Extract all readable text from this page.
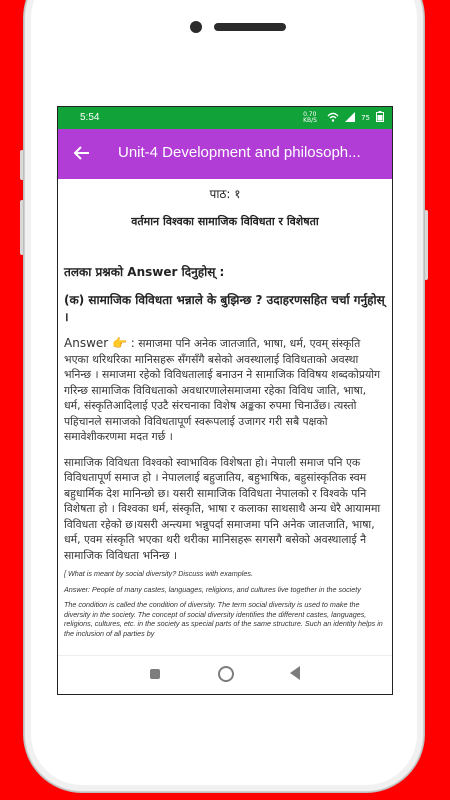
5:54	0.70 KB/S	75
Unit-4 Development and philosoph...
पाठ: १
वर्तमान विश्वका सामाजिक विविधता र विशेषता
तलका प्रश्नको Answer दिनुहोस् :
(क) सामाजिक विविधता भन्नाले के बुझिन्छ ? उदाहरणसहित चर्चा गर्नुहोस् ।
Answer 👉 : समाजमा पनि अनेक जातजाति, भाषा, धर्म, एवम् संस्कृति भएका थरिथरिका मानिसहरू सँगसँगै बसेको अवस्थालाई विविधताको अवस्था भनिन्छ । समाजमा रहेको विविधतालाई बनाउन ने सामाजिक विविषय शब्दकोप्रयोग गरिन्छ सामाजिक विविधताको अवधारणालेसमाजमा रहेका विविध जाति, भाषा, धर्म, संस्कृतिआदिलाई एउटै संरचनाका विशेष अङ्कका रुपमा चिनाउँछ। त्यस्तो पहिचानले समाजको विविधतापूर्ण स्वरूपलाई उजागर गरी सबै पक्षको समावेशीकरणमा मदत गर्छ ।
सामाजिक विविधता विश्वको स्वाभाविक विशेषता हो। नेपाली समाज पनि एक विविधतापूर्ण समाज हो । नेपाललाई बहुजातिय, बहुभाषिक, बहुसांस्कृतिक स्वम बहुधार्मिक देश मानिन्छो छ। यसरी सामाजिक विविधता नेपालको र विश्वके पनि विशेषता हो । विश्वका धर्म, संस्कृति, भाषा र कलाका साथसाथै अन्य धेरै आयाममा विविधता रहेको छ।यसरी अन्त्यमा भन्नुपर्दा समाजमा पनि अनेक जातजाति, भाषा, धर्म, एवम संस्कृति भएका थरी थरीका मानिसहरू सगसगै बसेको अवस्थालाई नै सामाजिक विविधता भनिन्छ ।
[ What is meant by social diversity? Discuss with examples.
Answer: People of many castes, languages, religions, and cultures live together in the society
The condition is called the condition of diversity. The term social diversity is used to make the diversity in the society. The concept of social diversity identifies the different castes, languages, religions, cultures, etc. in the society as special parts of the same structure. Such an identity helps in the inclusion of all parties by
